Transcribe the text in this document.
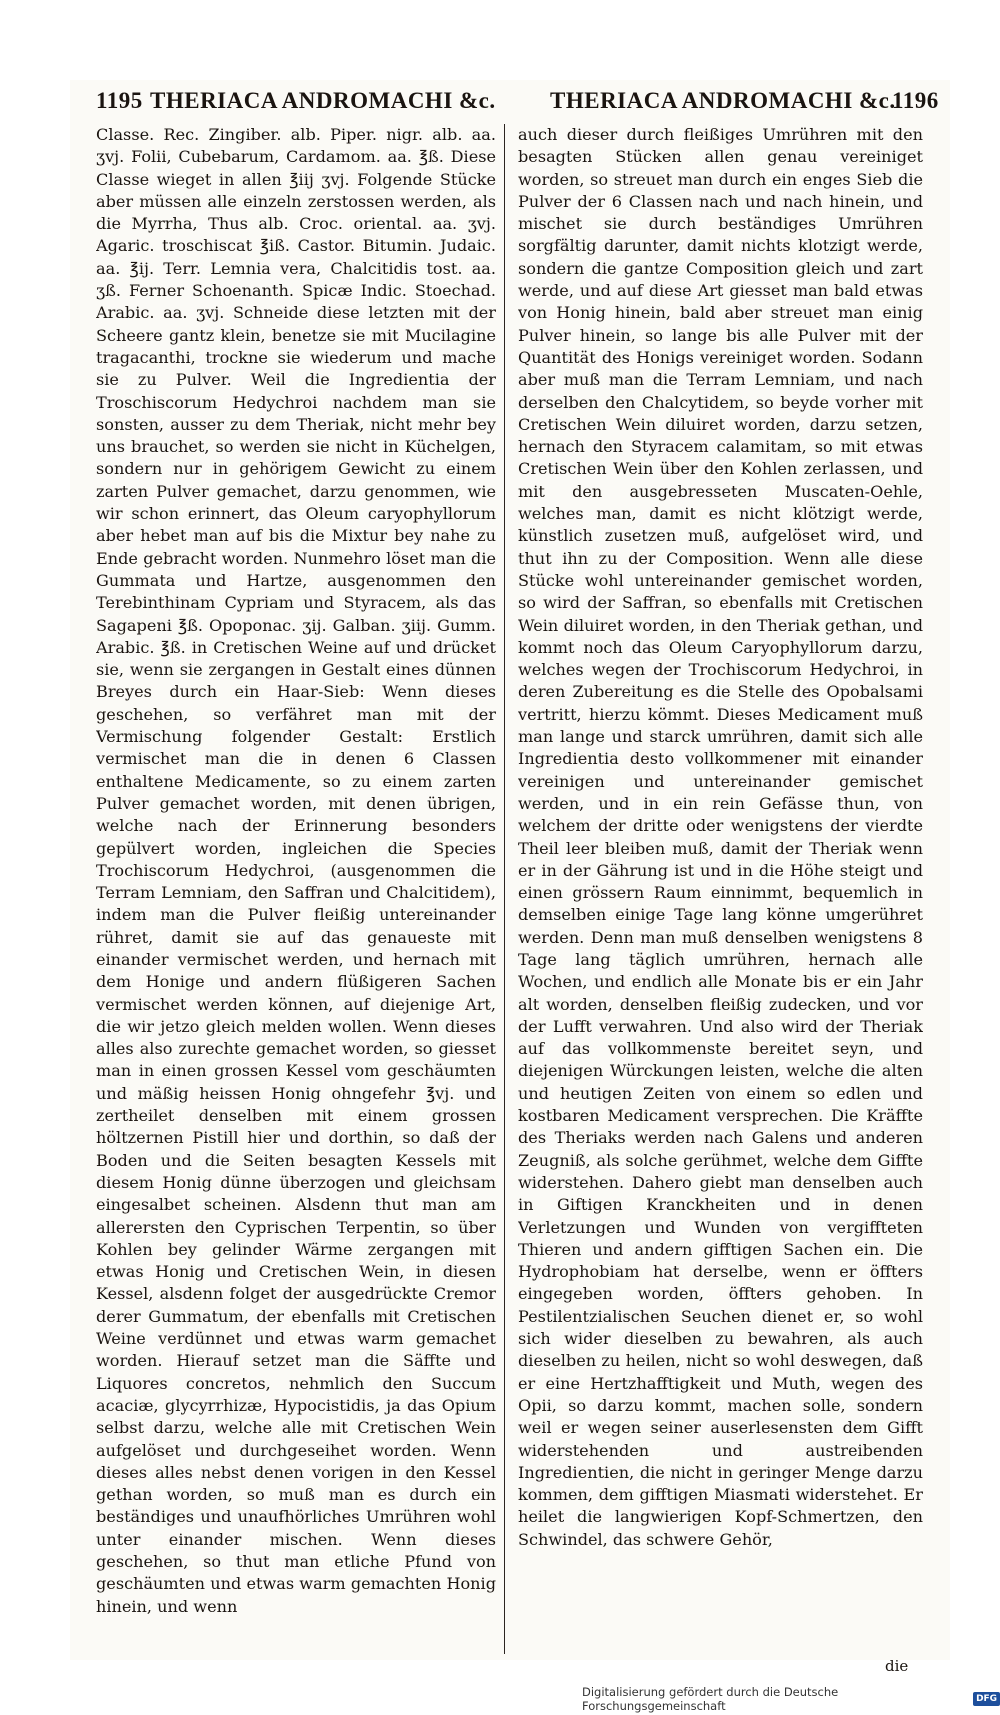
1195 THERIACA ANDROMACHI &c. THERIACA ANDROMACHI &c.
1196
Classe. Rec. Zingiber. alb. Piper. nigr. alb. aa. ʒvj. Folii, Cubebarum, Cardamom. aa. ℥ß. Diese Classe wieget in allen ℥iij ʒvj. Folgende Stücke aber müssen alle einzeln zerstossen werden, als die Myrrha, Thus alb. Croc. oriental. aa. ʒvj. Agaric. troschiscat ℥iß. Castor. Bitumin. Judaic. aa. ℥ij. Terr. Lemnia vera, Chalcitidis tost. aa. ʒß. Ferner Schoenanth. Spicæ Indic. Stoechad. Arabic. aa. ʒvj. Schneide diese letzten mit der Scheere gantz klein, benetze sie mit Mucilagine tragacanthi, trockne sie wiederum und mache sie zu Pulver. Weil die Ingredientia der Troschiscorum Hedychroi nachdem man sie sonsten, ausser zu dem Theriak, nicht mehr bey uns brauchet, so werden sie nicht in Küchelgen, sondern nur in gehörigem Gewicht zu einem zarten Pulver gemachet, darzu genommen, wie wir schon erinnert, das Oleum caryophyllorum aber hebet man auf bis die Mixtur bey nahe zu Ende gebracht worden. Nunmehro löset man die Gummata und Hartze, ausgenommen den Terebinthinam Cypriam und Styracem, als das Sagapeni ℥ß. Opoponac. ʒij. Galban. ʒiij. Gumm. Arabic. ℥ß. in Cretischen Weine auf und drücket sie, wenn sie zergangen in Gestalt eines dünnen Breyes durch ein Haar-Sieb: Wenn dieses geschehen, so verfähret man mit der Vermischung folgender Gestalt: Erstlich vermischet man die in denen 6 Classen enthaltene Medicamente, so zu einem zarten Pulver gemachet worden, mit denen übrigen, welche nach der Erinnerung besonders gepülvert worden, ingleichen die Species Trochiscorum Hedychroi, (ausgenommen die Terram Lemniam, den Saffran und Chalcitidem), indem man die Pulver fleißig untereinander rühret, damit sie auf das genaueste mit einander vermischet werden, und hernach mit dem Honige und andern flüßigeren Sachen vermischet werden können, auf diejenige Art, die wir jetzo gleich melden wollen. Wenn dieses alles also zurechte gemachet worden, so giesset man in einen grossen Kessel vom geschäumten und mäßig heissen Honig ohngefehr ℥vj. und zertheilet denselben mit einem grossen höltzernen Pistill hier und dorthin, so daß der Boden und die Seiten besagten Kessels mit diesem Honig dünne überzogen und gleichsam eingesalbet scheinen. Alsdenn thut man am allerersten den Cyprischen Terpentin, so über Kohlen bey gelinder Wärme zergangen mit etwas Honig und Cretischen Wein, in diesen Kessel, alsdenn folget der ausgedrückte Cremor derer Gummatum, der ebenfalls mit Cretischen Weine verdünnet und etwas warm gemachet worden. Hierauf setzet man die Säffte und Liquores concretos, nehmlich den Succum acaciæ, glycyrrhizæ, Hypocistidis, ja das Opium selbst darzu, welche alle mit Cretischen Wein aufgelöset und durchgeseihet worden. Wenn dieses alles nebst denen vorigen in den Kessel gethan worden, so muß man es durch ein beständiges und unaufhörliches Umrühren wohl unter einander mischen. Wenn dieses geschehen, so thut man etliche Pfund von geschäumten und etwas warm gemachten Honig hinein, und wenn
auch dieser durch fleißiges Umrühren mit den besagten Stücken allen genau vereiniget worden, so streuet man durch ein enges Sieb die Pulver der 6 Classen nach und nach hinein, und mischet sie durch beständiges Umrühren sorgfältig darunter, damit nichts klotzigt werde, sondern die gantze Composition gleich und zart werde, und auf diese Art giesset man bald etwas von Honig hinein, bald aber streuet man einig Pulver hinein, so lange bis alle Pulver mit der Quantität des Honigs vereiniget worden. Sodann aber muß man die Terram Lemniam, und nach derselben den Chalcytidem, so beyde vorher mit Cretischen Wein diluiret worden, darzu setzen, hernach den Styracem calamitam, so mit etwas Cretischen Wein über den Kohlen zerlassen, und mit den ausgebresseten Muscaten-Oehle, welches man, damit es nicht klötzigt werde, künstlich zusetzen muß, aufgelöset wird, und thut ihn zu der Composition. Wenn alle diese Stücke wohl untereinander gemischet worden, so wird der Saffran, so ebenfalls mit Cretischen Wein diluiret worden, in den Theriak gethan, und kommt noch das Oleum Caryophyllorum darzu, welches wegen der Trochiscorum Hedychroi, in deren Zubereitung es die Stelle des Opobalsami vertritt, hierzu kömmt. Dieses Medicament muß man lange und starck umrühren, damit sich alle Ingredientia desto vollkommener mit einander vereinigen und untereinander gemischet werden, und in ein rein Gefässe thun, von welchem der dritte oder wenigstens der vierdte Theil leer bleiben muß, damit der Theriak wenn er in der Gährung ist und in die Höhe steigt und einen grössern Raum einnimmt, bequemlich in demselben einige Tage lang könne umgerühret werden. Denn man muß denselben wenigstens 8 Tage lang täglich umrühren, hernach alle Wochen, und endlich alle Monate bis er ein Jahr alt worden, denselben fleißig zudecken, und vor der Lufft verwahren. Und also wird der Theriak auf das vollkommenste bereitet seyn, und diejenigen Würckungen leisten, welche die alten und heutigen Zeiten von einem so edlen und kostbaren Medicament versprechen. Die Kräffte des Theriaks werden nach Galens und anderen Zeugniß, als solche gerühmet, welche dem Giffte widerstehen. Dahero giebt man denselben auch in Giftigen Kranckheiten und in denen Verletzungen und Wunden von vergiffteten Thieren und andern gifftigen Sachen ein. Die Hydrophobiam hat derselbe, wenn er öffters eingegeben worden, öffters gehoben. In Pestilentzialischen Seuchen dienet er, so wohl sich wider dieselben zu bewahren, als auch dieselben zu heilen, nicht so wohl deswegen, daß er eine Hertzhafftigkeit und Muth, wegen des Opii, so darzu kommt, machen solle, sondern weil er wegen seiner auserlesensten dem Gifft widerstehenden und austreibenden Ingredientien, die nicht in geringer Menge darzu kommen, dem gifftigen Miasmati widerstehet. Er heilet die langwierigen Kopf-Schmertzen, den Schwindel, das schwere Gehör,
die
Digitalisierung gefördert durch die Deutsche Forschungsgemeinschaft	DFG
